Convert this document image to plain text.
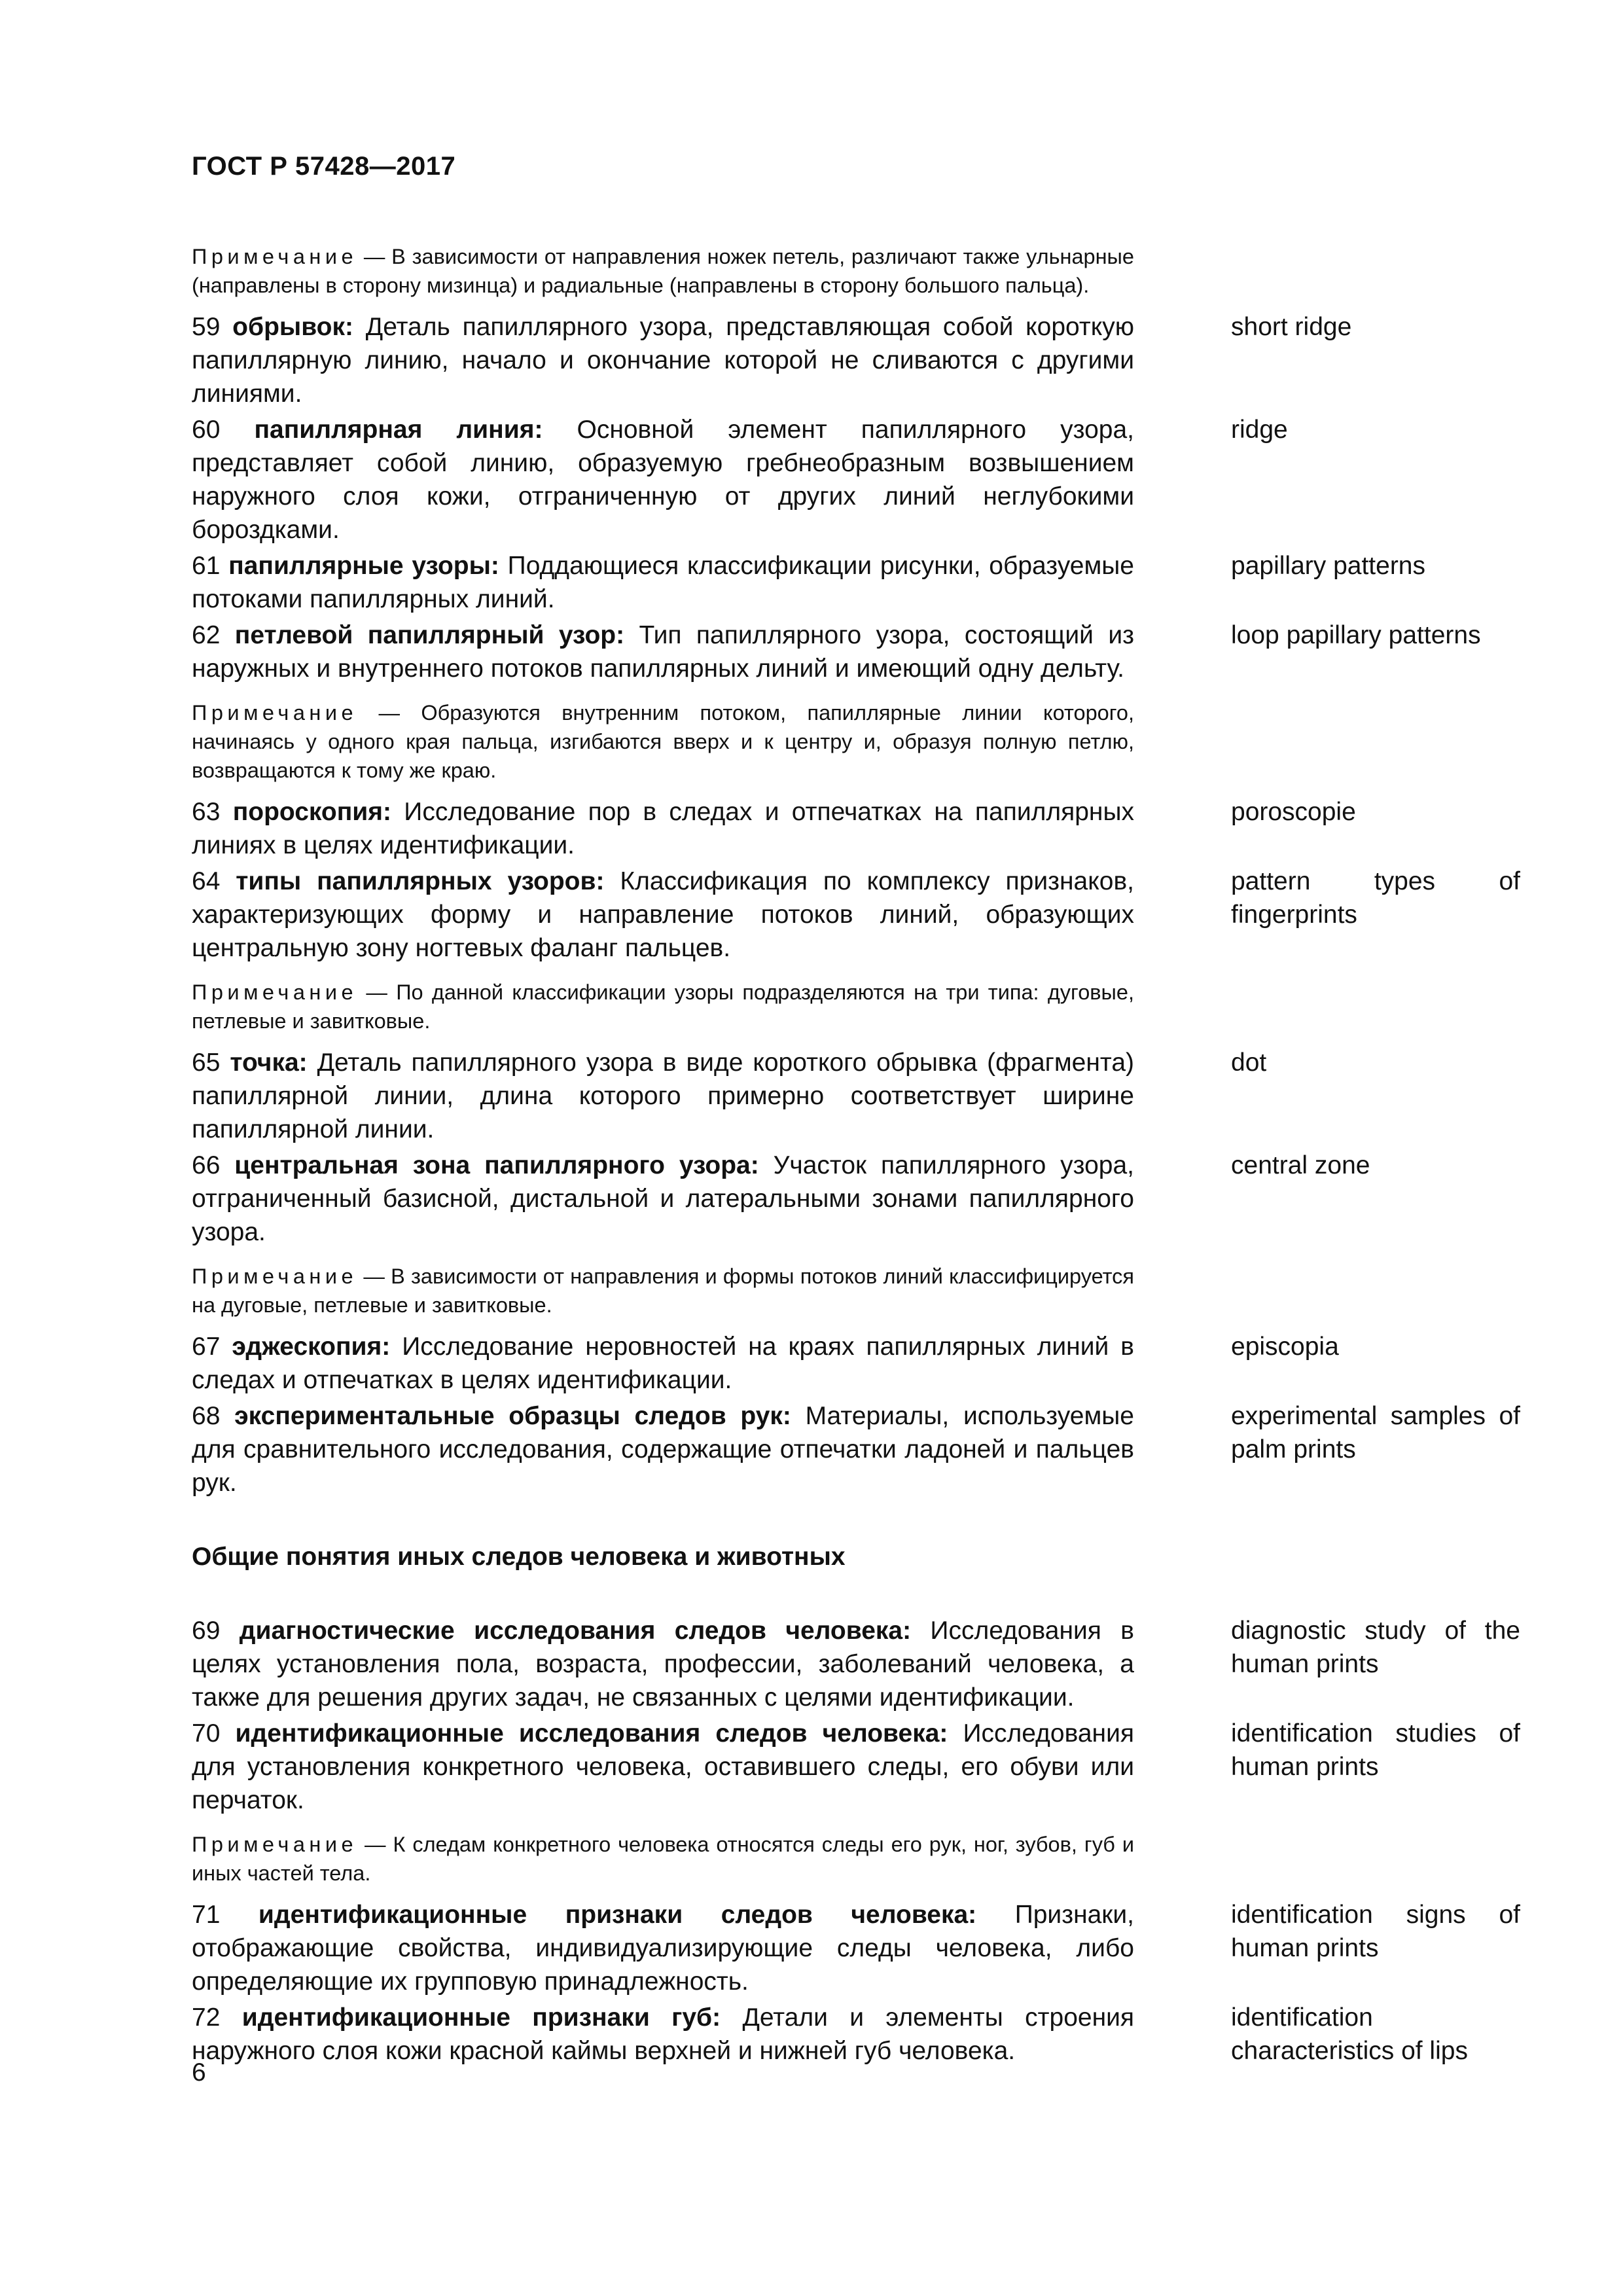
ГОСТ Р 57428—2017
Примечание — В зависимости от направления ножек петель, различают также ульнарные (направлены в сторону мизинца) и радиальные (направлены в сторону большого пальца).
59 обрывок: Деталь папиллярного узора, представляющая собой короткую папиллярную линию, начало и окончание которой не сливаются с другими линиями.
short ridge
60 папиллярная линия: Основной элемент папиллярного узора, представляет собой линию, образуемую гребнеобразным возвышением наружного слоя кожи, отграниченную от других линий неглубокими бороздками.
ridge
61 папиллярные узоры: Поддающиеся классификации рисунки, образуемые потоками папиллярных линий.
papillary patterns
62 петлевой папиллярный узор: Тип папиллярного узора, состоящий из наружных и внутреннего потоков папиллярных линий и имеющий одну дельту.
loop papillary patterns
Примечание — Образуются внутренним потоком, папиллярные линии которого, начинаясь у одного края пальца, изгибаются вверх и к центру и, образуя полную петлю, возвращаются к тому же краю.
63 пороскопия: Исследование пор в следах и отпечатках на папиллярных линиях в целях идентификации.
poroscopie
64 типы папиллярных узоров: Классификация по комплексу признаков, характеризующих форму и направление потоков линий, образующих центральную зону ногтевых фаланг пальцев.
pattern types of fingerprints
Примечание — По данной классификации узоры подразделяются на три типа: дуговые, петлевые и завитковые.
65 точка: Деталь папиллярного узора в виде короткого обрывка (фрагмента) папиллярной линии, длина которого примерно соответствует ширине папиллярной линии.
dot
66 центральная зона папиллярного узора: Участок папиллярного узора, отграниченный базисной, дистальной и латеральными зонами папиллярного узора.
central zone
Примечание — В зависимости от направления и формы потоков линий классифицируется на дуговые, петлевые и завитковые.
67 эджескопия: Исследование неровностей на краях папиллярных линий в следах и отпечатках в целях идентификации.
episcopia
68 экспериментальные образцы следов рук: Материалы, используемые для сравнительного исследования, содержащие отпечатки ладоней и пальцев рук.
experimental samples of palm prints
Общие понятия иных следов человека и животных
69 диагностические исследования следов человека: Исследования в целях установления пола, возраста, профессии, заболеваний человека, а также для решения других задач, не связанных с целями идентификации.
diagnostic study of the human prints
70 идентификационные исследования следов человека: Исследования для установления конкретного человека, оставившего следы, его обуви или перчаток.
identification studies of human prints
Примечание — К следам конкретного человека относятся следы его рук, ног, зубов, губ и иных частей тела.
71 идентификационные признаки следов человека: Признаки, отображающие свойства, индивидуализирующие следы человека, либо определяющие их групповую принадлежность.
identification signs of human prints
72 идентификационные признаки губ: Детали и элементы строения наружного слоя кожи красной каймы верхней и нижней губ человека.
identification characteristics of lips
6
